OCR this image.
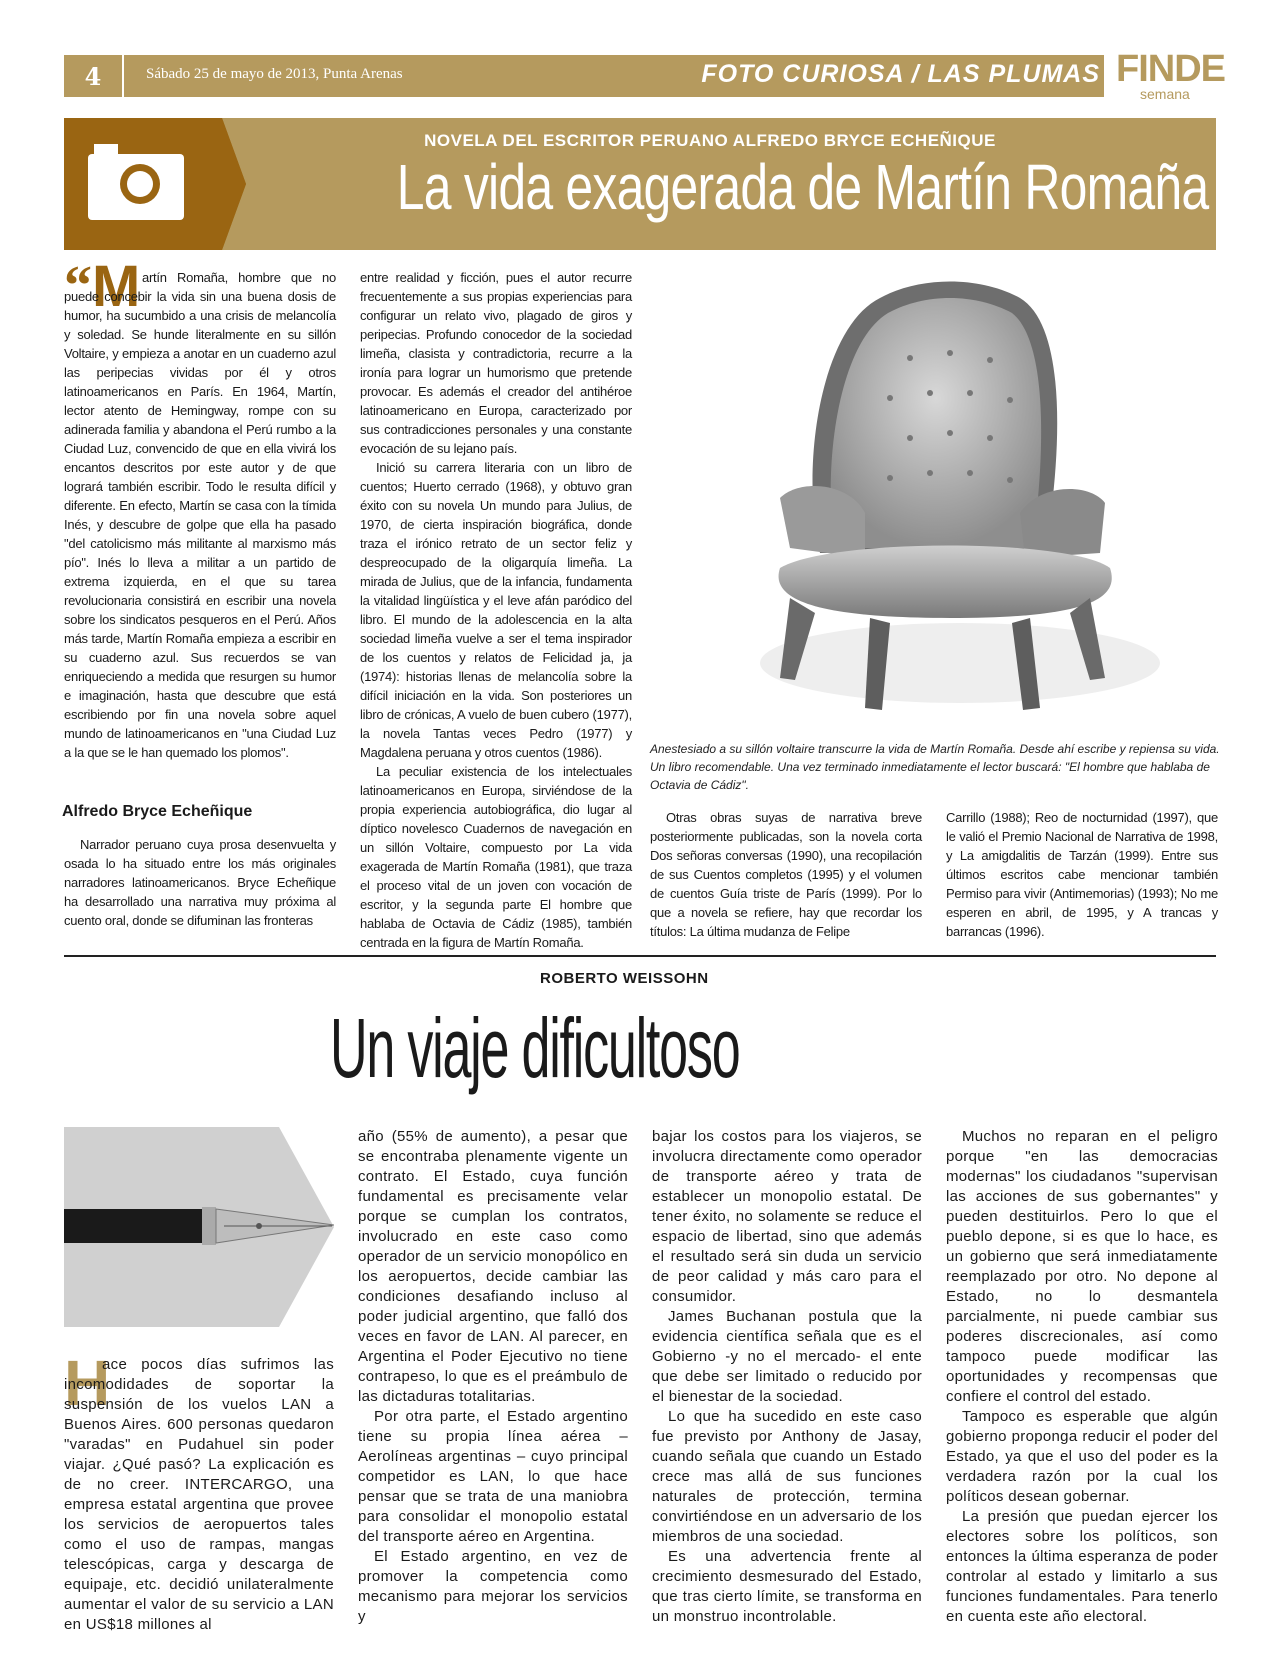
4	Sábado 25 de mayo de 2013, Punta Arenas	FOTO CURIOSA / LAS PLUMAS FINDE
semana
NOVELA DEL ESCRITOR PERUANO ALFREDO BRYCE ECHEÑIQUE
La vida exagerada de Martín Romaña
“ M artín Romaña, hombre que no puede concebir la vida sin una buena dosis de humor, ha sucumbido a una crisis de melancolía y soledad. Se hunde literalmente en su sillón Voltaire, y empieza a anotar en un cuaderno azul las peripecias vividas por él y otros latinoamericanos en París. En 1964, Martín, lector atento de Hemingway, rompe con su adinerada familia y abandona el Perú rumbo a la Ciudad Luz, convencido de que en ella vivirá los encantos descritos por este autor y de que logrará también escribir. Todo le resulta difícil y diferente. En efecto, Martín se casa con la tímida Inés, y descubre de golpe que ella ha pasado "del catolicismo más militante al marxismo más pío". Inés lo lleva a militar a un partido de extrema izquierda, en el que su tarea revolucionaria consistirá en escribir una novela sobre los sindicatos pesqueros en el Perú. Años más tarde, Martín Romaña empieza a escribir en su cuaderno azul. Sus recuerdos se van enriqueciendo a medida que resurgen su humor e imaginación, hasta que descubre que está escribiendo por fin una novela sobre aquel mundo de latinoamericanos en "una Ciudad Luz a la que se le han quemado los plomos".

Alfredo Bryce Echeñique

Narrador peruano cuya prosa desenvuelta y osada lo ha situado entre los más originales narradores latinoamericanos. Bryce Echeñique ha desarrollado una narrativa muy próxima al cuento oral, donde se difuminan las fronteras

entre realidad y ficción, pues el autor recurre frecuentemente a sus propias experiencias para configurar un relato vivo, plagado de giros y peripecias. Profundo conocedor de la sociedad limeña, clasista y contradictoria, recurre a la ironía para lograr un humorismo que pretende provocar. Es además el creador del antihéroe latinoamericano en Europa, caracterizado por sus contradicciones personales y una constante evocación de su lejano país.

Inició su carrera literaria con un libro de cuentos; Huerto cerrado (1968), y obtuvo gran éxito con su novela Un mundo para Julius, de 1970, de cierta inspiración biográfica, donde traza el irónico retrato de un sector feliz y despreocupado de la oligarquía limeña. La mirada de Julius, que de la infancia, fundamenta la vitalidad lingüística y el leve afán paródico del libro. El mundo de la adolescencia en la alta sociedad limeña vuelve a ser el tema inspirador de los cuentos y relatos de Felicidad ja, ja (1974): historias llenas de melancolía sobre la difícil iniciación en la vida. Son posteriores un libro de crónicas, A vuelo de buen cubero (1977), la novela Tantas veces Pedro (1977) y Magdalena peruana y otros cuentos (1986).

La peculiar existencia de los intelectuales latinoamericanos en Europa, sirviéndose de la propia experiencia autobiográfica, dio lugar al díptico novelesco Cuadernos de navegación en un sillón Voltaire, compuesto por La vida exagerada de Martín Romaña (1981), que traza el proceso vital de un joven con vocación de escritor, y la segunda parte El hombre que hablaba de Octavia de Cádiz (1985), también centrada en la figura de Martín Romaña.

Anestesiado a su sillón voltaire transcurre la vida de Martín Romaña. Desde ahí escribe y repiensa su vida. Un libro recomendable. Una vez terminado inmediatamente el lector buscará: "El hombre que hablaba de Octavia de Cádiz".

Otras obras suyas de narrativa breve posteriormente publicadas, son la novela corta Dos señoras conversas (1990), una recopilación de sus Cuentos completos (1995) y el volumen de cuentos Guía triste de París (1999). Por lo que a novela se refiere, hay que recordar los títulos: La última mudanza de Felipe

Carrillo (1988); Reo de nocturnidad (1997), que le valió el Premio Nacional de Narrativa de 1998, y La amigdalitis de Tarzán (1999). Entre sus últimos escritos cabe mencionar también Permiso para vivir (Antimemorias) (1993); No me esperen en abril, de 1995, y A trancas y barrancas (1996).

ROBERTO WEISSOHN
Un viaje dificultoso
H

ace pocos días sufrimos las incomodidades de soportar la suspensión de los vuelos LAN a Buenos Aires. 600 personas quedaron "varadas" en Pudahuel sin poder viajar. ¿Qué pasó? La explicación es de no creer. INTERCARGO, una empresa estatal argentina que provee los servicios de aeropuertos tales como el uso de rampas, mangas telescópicas, carga y descarga de equipaje, etc. decidió unilateralmente aumentar el valor de su servicio a LAN en US$18 millones al

año (55% de aumento), a pesar que se encontraba plenamente vigente un contrato. El Estado, cuya función fundamental es precisamente velar porque se cumplan los contratos, involucrado en este caso como operador de un servicio monopólico en los aeropuertos, decide cambiar las condiciones desafiando incluso al poder judicial argentino, que falló dos veces en favor de LAN. Al parecer, en Argentina el Poder Ejecutivo no tiene contrapeso, lo que es el preámbulo de las dictaduras totalitarias.

Por otra parte, el Estado argentino tiene su propia línea aérea – Aerolíneas argentinas – cuyo principal competidor es LAN, lo que hace pensar que se trata de una maniobra para consolidar el monopolio estatal del transporte aéreo en Argentina.

El Estado argentino, en vez de promover la competencia como mecanismo para mejorar los servicios y

bajar los costos para los viajeros, se involucra directamente como operador de transporte aéreo y trata de establecer un monopolio estatal. De tener éxito, no solamente se reduce el espacio de libertad, sino que además el resultado será sin duda un servicio de peor calidad y más caro para el consumidor.

James Buchanan postula que la evidencia científica señala que es el Gobierno -y no el mercado- el ente que debe ser limitado o reducido por el bienestar de la sociedad.

Lo que ha sucedido en este caso fue previsto por Anthony de Jasay, cuando señala que cuando un Estado crece mas allá de sus funciones naturales de protección, termina convirtiéndose en un adversario de los miembros de una sociedad.

Es una advertencia frente al crecimiento desmesurado del Estado, que tras cierto límite, se transforma en un monstruo incontrolable.

Muchos no reparan en el peligro porque "en las democracias modernas" los ciudadanos "supervisan las acciones de sus gobernantes" y pueden destituirlos. Pero lo que el pueblo depone, si es que lo hace, es un gobierno que será inmediatamente reemplazado por otro. No depone al Estado, no lo desmantela parcialmente, ni puede cambiar sus poderes discrecionales, así como tampoco puede modificar las oportunidades y recompensas que confiere el control del estado.

Tampoco es esperable que algún gobierno proponga reducir el poder del Estado, ya que el uso del poder es la verdadera razón por la cual los políticos desean gobernar.

La presión que puedan ejercer los electores sobre los políticos, son entonces la última esperanza de poder controlar al estado y limitarlo a sus funciones fundamentales. Para tenerlo en cuenta este año electoral.
